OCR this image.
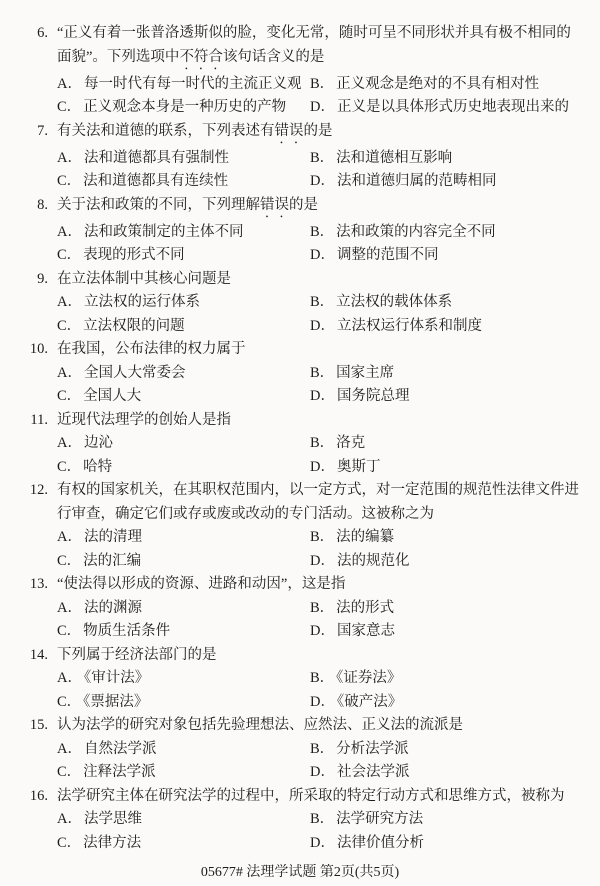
6. “正义有着一张普洛透斯似的脸，变化无常，随时可呈不同形状并具有极不相同的
面貌”。下列选项中不符合该句话含义的是
A． 每一时代有每一时代的主流正义观 B． 正义观念是绝对的不具有相对性
C． 正义观念本身是一种历史的产物	D． 正义是以具体形式历史地表现出来的
7. 有关法和道德的联系，下列表述有错误的是
A． 法和道德都具有强制性	B． 法和道德相互影响
C． 法和道德都具有连续性	D． 法和道德归属的范畴相同
8. 关于法和政策的不同，下列理解错误的是
A． 法和政策制定的主体不同	B． 法和政策的内容完全不同
C． 表现的形式不同	D． 调整的范围不同
9. 在立法体制中其核心问题是
A． 立法权的运行体系	B． 立法权的载体体系
C． 立法权限的问题	D． 立法权运行体系和制度
10. 在我国，公布法律的权力属于
A． 全国人大常委会	B． 国家主席
C． 全国人大	D． 国务院总理
11. 近现代法理学的创始人是指
A． 边沁	B． 洛克
C． 哈特	D． 奥斯丁
12. 有权的国家机关，在其职权范围内，以一定方式，对一定范围的规范性法律文件进
行审查，确定它们或存或废或改动的专门活动。这被称之为
A． 法的清理	B． 法的编纂
C． 法的汇编	D． 法的规范化
13. “使法得以形成的资源、进路和动因”，这是指
A． 法的渊源	B． 法的形式
C． 物质生活条件	D． 国家意志
14. 下列属于经济法部门的是
A． 《审计法》	B． 《证券法》
C． 《票据法》	D． 《破产法》
15. 认为法学的研究对象包括先验理想法、应然法、正义法的流派是
A． 自然法学派	B． 分析法学派
C． 注释法学派	D． 社会法学派
16. 法学研究主体在研究法学的过程中，所采取的特定行动方式和思维方式，被称为
A． 法学思维	B． 法学研究方法
C． 法律方法	D． 法律价值分析
05677# 法理学试题 第2页(共5页)
